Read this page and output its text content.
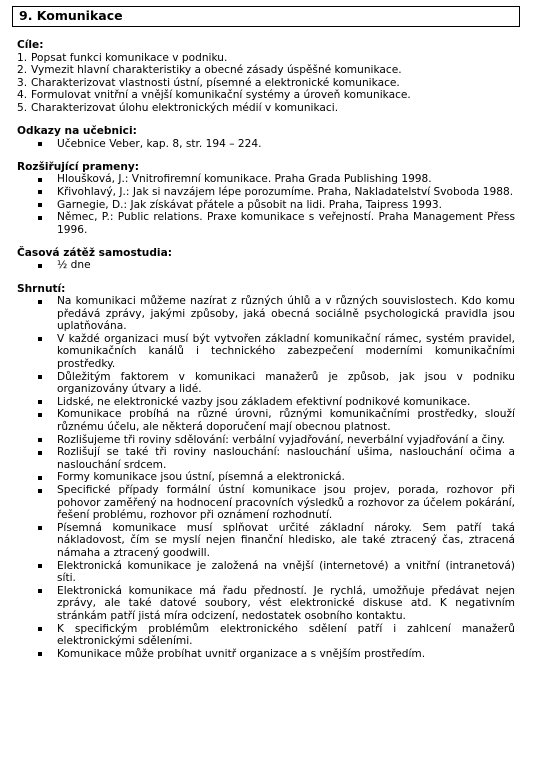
9. Komunikace

Cíle:

1. Popsat funkci komunikace v podniku.
2. Vymezit hlavní charakteristiky a obecné zásady úspěšné komunikace.
3. Charakterizovat vlastnosti ústní, písemné a elektronické komunikace.
4. Formulovat vnitřní a vnější komunikační systémy a úroveň komunikace.
5. Charakterizovat úlohu elektronických médií v komunikaci.

Odkazy na učebnici:

Učebnice Veber, kap. 8, str. 194 – 224.

Rozšiřující prameny:

Hloušková, J.: Vnitrofiremní komunikace. Praha Grada Publishing 1998.
Křivohlavý, J.: Jak si navzájem lépe porozumíme. Praha, Nakladatelství Svoboda 1988.
Garnegie, D.: Jak získávat přátele a působit na lidi. Praha, Taipress 1993.
Němec, P.: Public relations. Praxe komunikace s veřejností. Praha Management Přess 1996.

Časová zátěž samostudia:

½ dne

Shrnutí:

Na komunikaci můžeme nazírat z různých úhlů a v různých souvislostech. Kdo komu předává zprávy, jakými způsoby, jaká obecná sociálně psychologická pravidla jsou uplatňována.
V každé organizaci musí být vytvořen základní komunikační rámec, systém pravidel, komunikačních kanálů i technického zabezpečení moderními komunikačními prostředky.
Důležitým faktorem v komunikaci manažerů je způsob, jak jsou v podniku organizovány útvary a lidé.
Lidské, ne elektronické vazby jsou základem efektivní podnikové komunikace.
Komunikace probíhá na různé úrovni, různými komunikačními prostředky, slouží různému účelu, ale některá doporučení mají obecnou platnost.
Rozlišujeme tři roviny sdělování: verbální vyjadřování, neverbální vyjadřování a činy.
Rozlišují se také tři roviny naslouchání: naslouchání ušima, naslouchání očima a naslouchání srdcem.
Formy komunikace jsou ústní, písemná a elektronická.
Specifické případy formální ústní komunikace jsou projev, porada, rozhovor při pohovor zaměřený na hodnocení pracovních výsledků a rozhovor za účelem pokárání, řešení problému, rozhovor při oznámení rozhodnutí.
Písemná komunikace musí splňovat určité základní nároky. Sem patří taká nákladovost, čím se myslí nejen finanční hledisko, ale také ztracený čas, ztracená námaha a ztracený goodwill.
Elektronická komunikace je založená na vnější (internetové) a vnitřní (intranetová) síti.
Elektronická komunikace má řadu předností. Je rychlá, umožňuje předávat nejen zprávy, ale také datové soubory, vést elektronické diskuse atd. K negativním stránkám patří jistá míra odcizení, nedostatek osobního kontaktu.
K specifickým problémům elektronického sdělení patří i zahlcení manažerů elektronickými sděleními.
Komunikace může probíhat uvnitř organizace a s vnějším prostředím.
